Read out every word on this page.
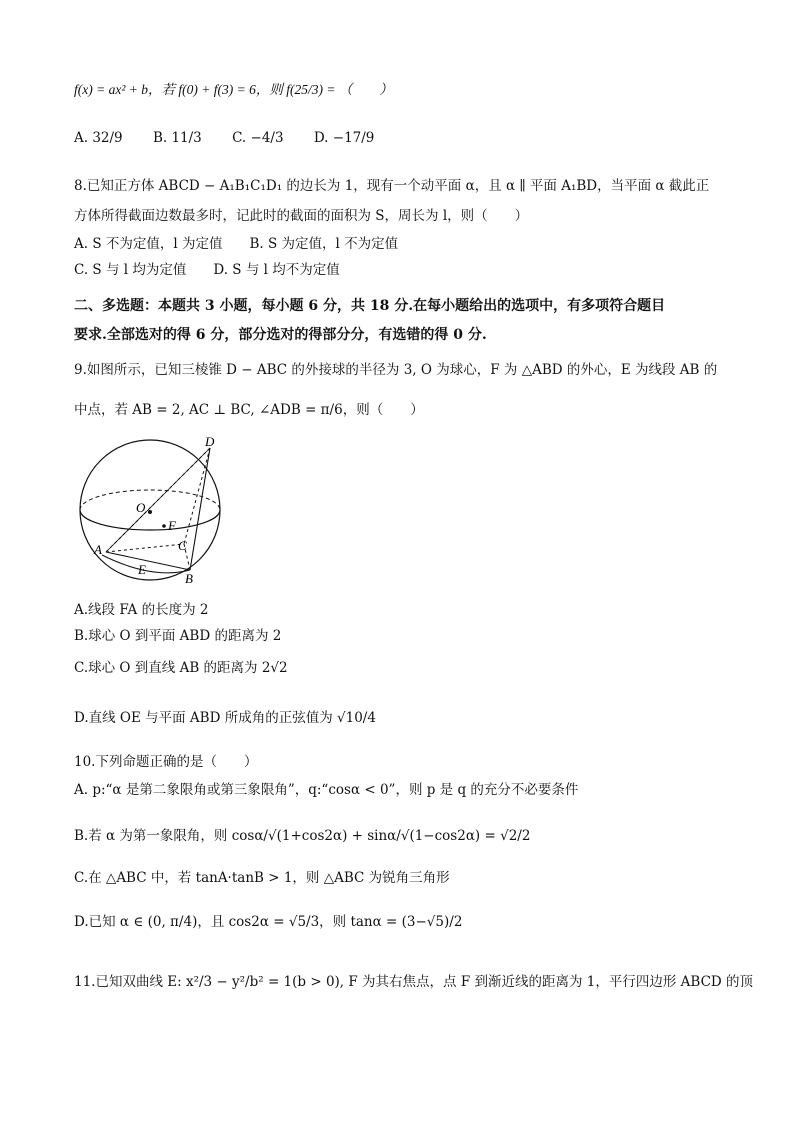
f(x) = ax² + b，若 f(0) + f(3) = 6，则 f(25/3) = （　　）
A. 32/9 B. 11/3 C. −4/3 D. −17/9
8.已知正方体 ABCD − A₁B₁C₁D₁ 的边长为 1，现有一个动平面 α，且 α ∥ 平面 A₁BD，当平面 α 截此正
方体所得截面边数最多时，记此时的截面的面积为 S，周长为 l，则（　　）
A. S 不为定值，l 为定值　　B. S 为定值，l 不为定值
C. S 与 l 均为定值　　D. S 与 l 均不为定值
二、多选题：本题共 3 小题，每小题 6 分，共 18 分.在每小题给出的选项中，有多项符合题目
要求.全部选对的得 6 分，部分选对的得部分分，有选错的得 0 分.
9.如图所示，已知三棱锥 D − ABC 的外接球的半径为 3, O 为球心，F 为 △ABD 的外心，E 为线段 AB 的
中点，若 AB = 2, AC ⊥ BC, ∠ADB = π/6，则（　　）
D
O
F
C
A
E
B
A.线段 FA 的长度为 2
B.球心 O 到平面 ABD 的距离为 2
C.球心 O 到直线 AB 的距离为 2√2
D.直线 OE 与平面 ABD 所成角的正弦值为 √10/4
10.下列命题正确的是（　　）
A. p:“α 是第二象限角或第三象限角”，q:“cosα < 0”，则 p 是 q 的充分不必要条件
B.若 α 为第一象限角，则 cosα/√(1+cos2α) + sinα/√(1−cos2α) = √2/2
C.在 △ABC 中，若 tanA·tanB > 1，则 △ABC 为锐角三角形
D.已知 α ∈ (0, π/4)，且 cos2α = √5/3，则 tanα = (3−√5)/2
11.已知双曲线 E: x²/3 − y²/b² = 1(b > 0), F 为其右焦点，点 F 到渐近线的距离为 1，平行四边形 ABCD 的顶
